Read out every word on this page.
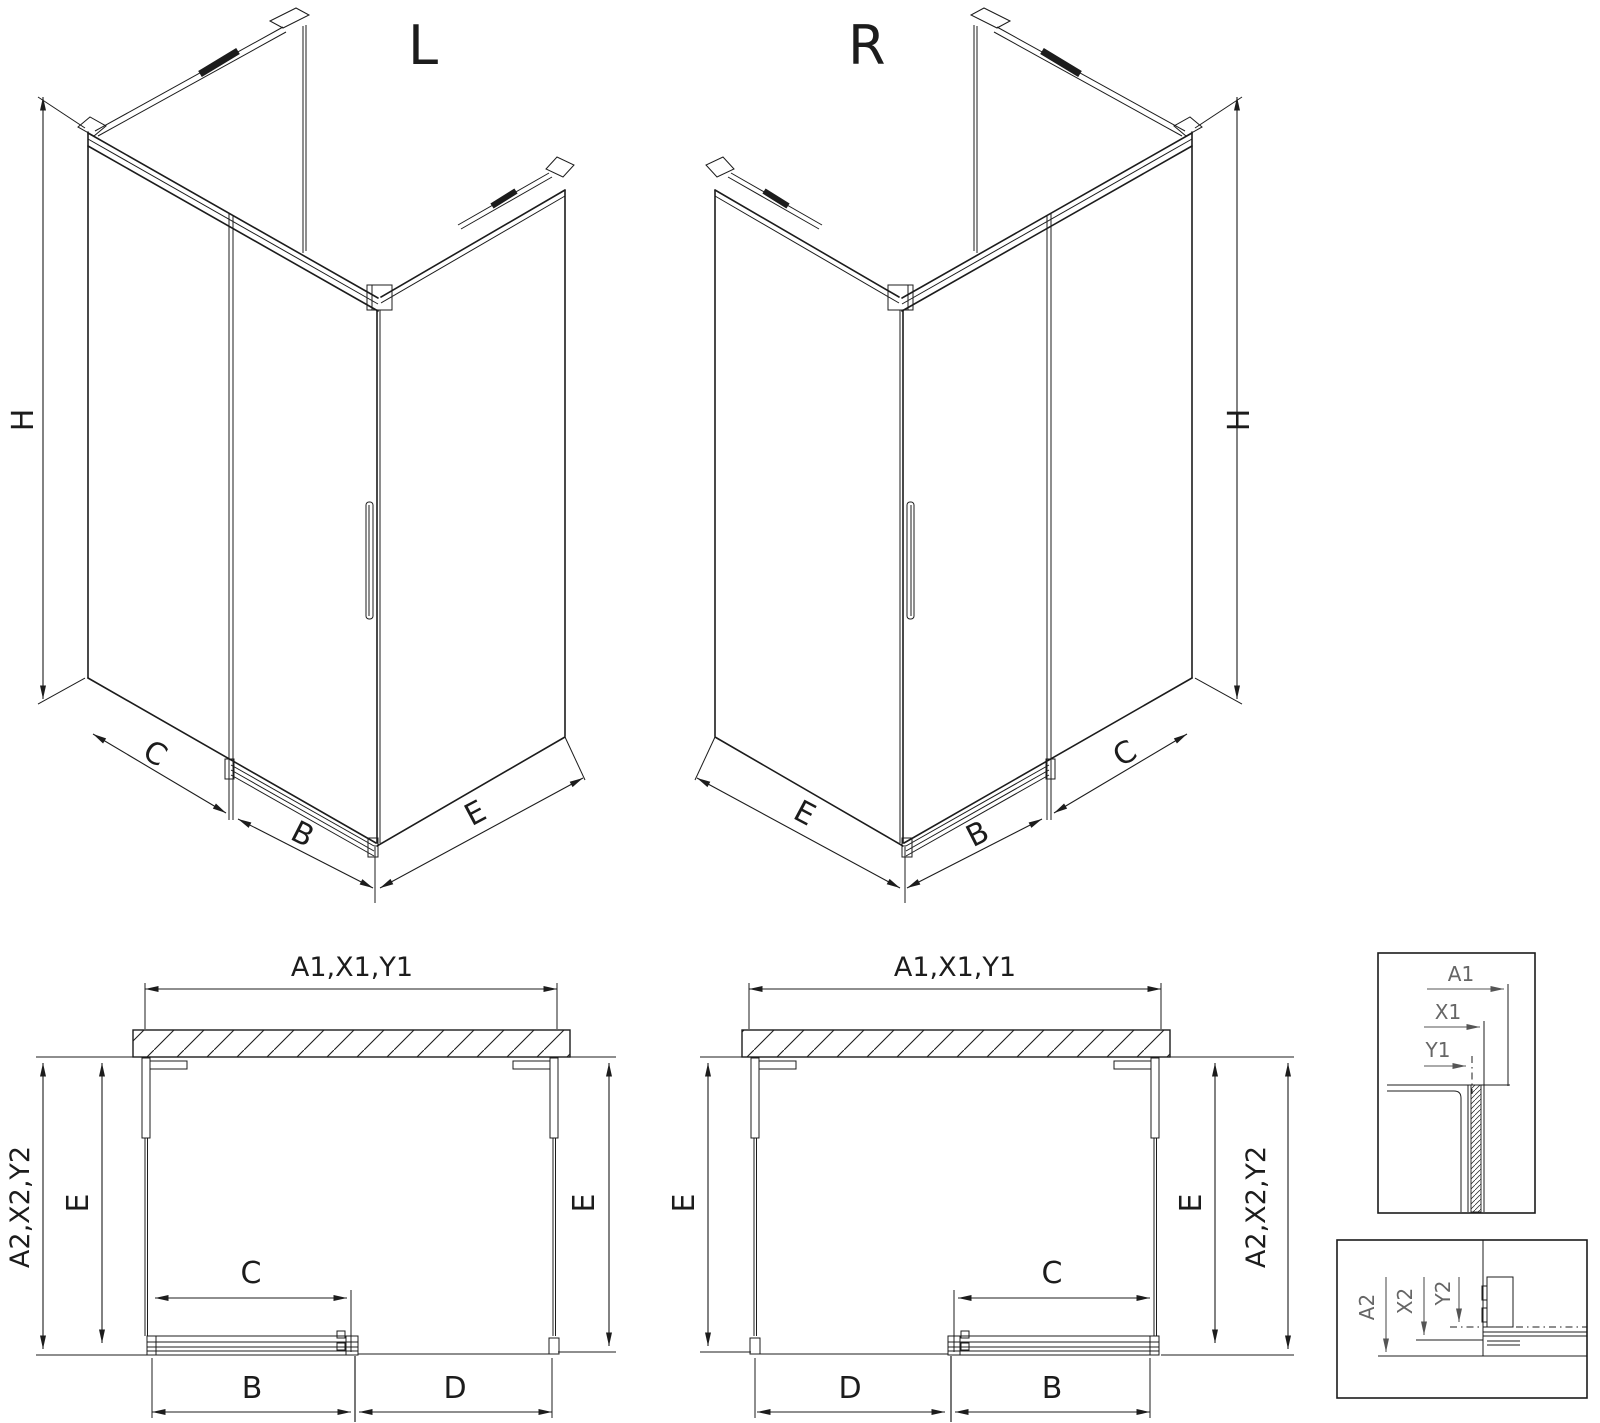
L
H
C
B
E
R
H
C
B
E
A1,X1,Y1
E
A2,X2,Y2	E
C
B	D
A1,X1,Y1
E	E A2,X2,Y2
C
D	B
A1
X1
Y1
A2 X2 Y2
